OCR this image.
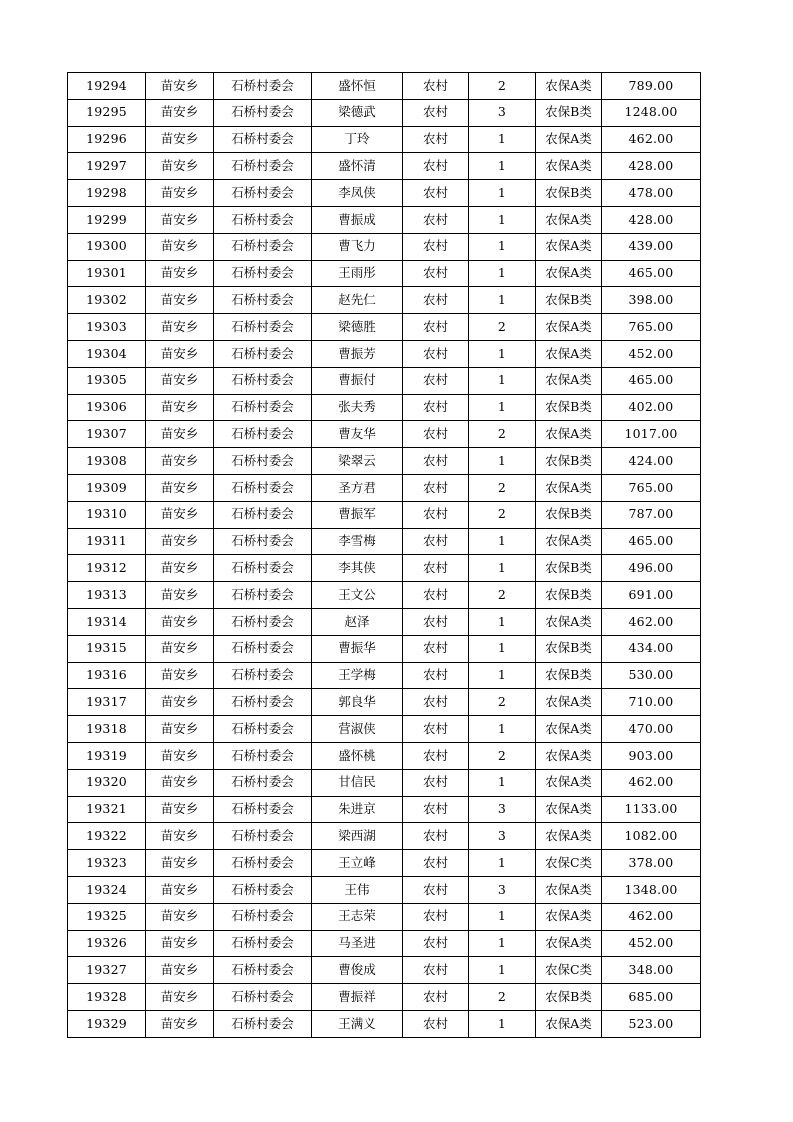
19294	苗安乡	石桥村委会	盛怀恒	农村	2	农保A类	789.00
19295	苗安乡	石桥村委会	梁德武	农村	3	农保B类	1248.00
19296	苗安乡	石桥村委会	丁玲	农村	1	农保A类	462.00
19297	苗安乡	石桥村委会	盛怀清	农村	1	农保A类	428.00
19298	苗安乡	石桥村委会	李凤侠	农村	1	农保B类	478.00
19299	苗安乡	石桥村委会	曹振成	农村	1	农保A类	428.00
19300	苗安乡	石桥村委会	曹飞力	农村	1	农保A类	439.00
19301	苗安乡	石桥村委会	王雨彤	农村	1	农保A类	465.00
19302	苗安乡	石桥村委会	赵先仁	农村	1	农保B类	398.00
19303	苗安乡	石桥村委会	梁德胜	农村	2	农保A类	765.00
19304	苗安乡	石桥村委会	曹振芳	农村	1	农保A类	452.00
19305	苗安乡	石桥村委会	曹振付	农村	1	农保A类	465.00
19306	苗安乡	石桥村委会	张夫秀	农村	1	农保B类	402.00
19307	苗安乡	石桥村委会	曹友华	农村	2	农保A类	1017.00
19308	苗安乡	石桥村委会	梁翠云	农村	1	农保B类	424.00
19309	苗安乡	石桥村委会	圣方君	农村	2	农保A类	765.00
19310	苗安乡	石桥村委会	曹振军	农村	2	农保B类	787.00
19311	苗安乡	石桥村委会	李雪梅	农村	1	农保A类	465.00
19312	苗安乡	石桥村委会	李其侠	农村	1	农保B类	496.00
19313	苗安乡	石桥村委会	王文公	农村	2	农保B类	691.00
19314	苗安乡	石桥村委会	赵泽	农村	1	农保A类	462.00
19315	苗安乡	石桥村委会	曹振华	农村	1	农保B类	434.00
19316	苗安乡	石桥村委会	王学梅	农村	1	农保B类	530.00
19317	苗安乡	石桥村委会	郭良华	农村	2	农保A类	710.00
19318	苗安乡	石桥村委会	营淑侠	农村	1	农保A类	470.00
19319	苗安乡	石桥村委会	盛怀桃	农村	2	农保A类	903.00
19320	苗安乡	石桥村委会	甘信民	农村	1	农保A类	462.00
19321	苗安乡	石桥村委会	朱进京	农村	3	农保A类	1133.00
19322	苗安乡	石桥村委会	梁西湖	农村	3	农保A类	1082.00
19323	苗安乡	石桥村委会	王立峰	农村	1	农保C类	378.00
19324	苗安乡	石桥村委会	王伟	农村	3	农保A类	1348.00
19325	苗安乡	石桥村委会	王志荣	农村	1	农保A类	462.00
19326	苗安乡	石桥村委会	马圣进	农村	1	农保A类	452.00
19327	苗安乡	石桥村委会	曹俊成	农村	1	农保C类	348.00
19328	苗安乡	石桥村委会	曹振祥	农村	2	农保B类	685.00
19329	苗安乡	石桥村委会	王满义	农村	1	农保A类	523.00
